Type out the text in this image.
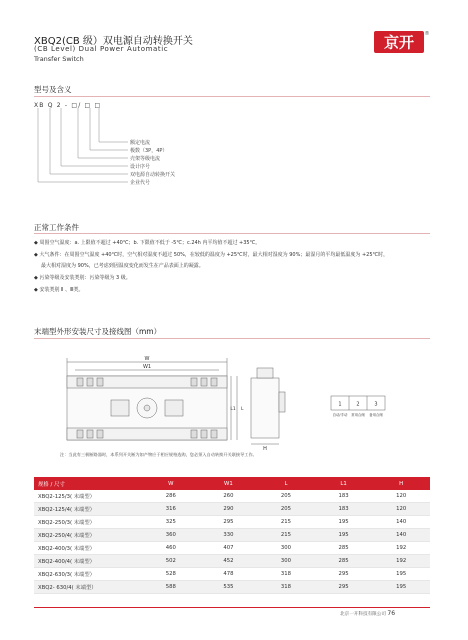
XBQ2(CB 级）双电源自动转换开关
(CB Level) Dual Power Automatic
Transfer Switch
京开 ®
型号及含义
XB Q 2 - □/ □ □
额定电流
极数（3P，4P）
壳架等级电流
设计序号
双电源自动转换开关
企业代号
正常工作条件
◆ 周围空气温度：a. 上限值不超过 +40℃；b. 下限值不低于 -5℃；c.24h 内平均值不超过 +35℃。
◆ 大气条件：在周围空气温度 +40℃时，空气相对湿度不超过 50%，在较低的温度为 +25℃时，最大相对湿度为 90%；最湿月的平均最低温度为 +25℃时，
最大相对湿度为 90%，已考虑到因温度变化而发生在产品表面上的凝露。
◆ 污染等级及安装类别：污染等级为 3 级。
◆ 安装类别 Ⅱ 、Ⅲ类。
末端型外形安装尺寸及接线图（mm）
W
W1
L1 L
H
1	2	3
自动/手动 常用合闸 备用合闸
注：当此有三极断路器时，本系列开关断为如产物应于相应规格选购，您必须入自动转换开关联接导工作。
规格 / 尺寸	W	W1	L	L1	H
XBQ2-125/3( 末端型）	286	260	205	183	120
XBQ2-125/4( 末端型）	316	290	205	183	120
XBQ2-250/3( 末端型）	325	295	215	195	140
XBQ2-250/4( 末端型）	360	330	215	195	140
XBQ2-400/3( 末端型）	460	407	300	285	192
XBQ2-400/4( 末端型）	502	452	300	285	192
XBQ2-630/3( 末端型）	528	478	318	295	195
XBQ2- 630/4( 末端型）	588	535	318	295	195
北京一开科技有限公司 76
